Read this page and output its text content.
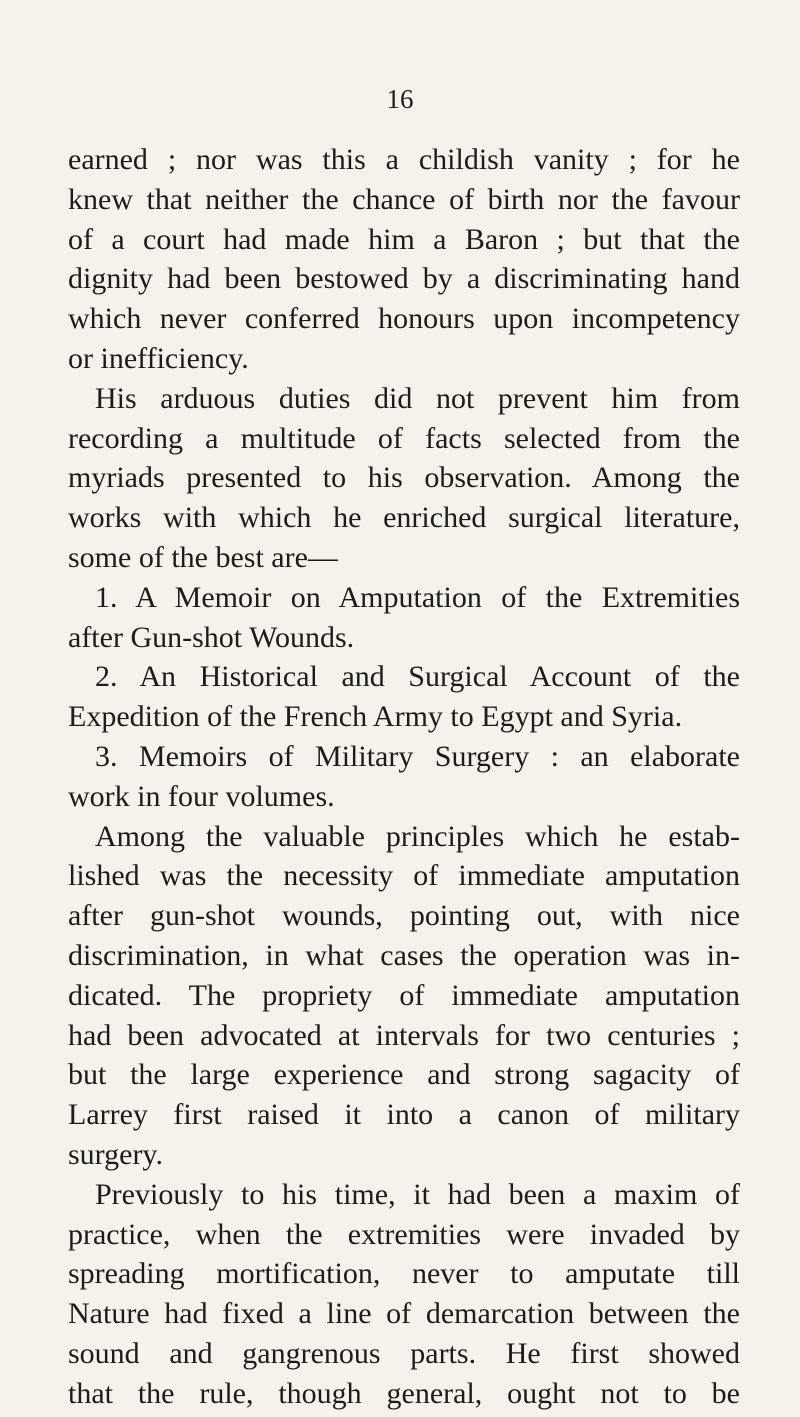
16
earned ; nor was this a childish vanity ; for he
knew that neither the chance of birth nor the favour
of a court had made him a Baron ; but that the
dignity had been bestowed by a discriminating hand
which never conferred honours upon incompetency
or inefficiency.
His arduous duties did not prevent him from
recording a multitude of facts selected from the
myriads presented to his observation. Among the
works with which he enriched surgical literature,
some of the best are—
1. A Memoir on Amputation of the Extremities
after Gun-shot Wounds.
2. An Historical and Surgical Account of the
Expedition of the French Army to Egypt and Syria.
3. Memoirs of Military Surgery : an elaborate
work in four volumes.
Among the valuable principles which he estab-
lished was the necessity of immediate amputation
after gun-shot wounds, pointing out, with nice
discrimination, in what cases the operation was in-
dicated. The propriety of immediate amputation
had been advocated at intervals for two centuries ;
but the large experience and strong sagacity of
Larrey first raised it into a canon of military
surgery.
Previously to his time, it had been a maxim of
practice, when the extremities were invaded by
spreading mortification, never to amputate till
Nature had fixed a line of demarcation between the
sound and gangrenous parts. He first showed
that the rule, though general, ought not to be
